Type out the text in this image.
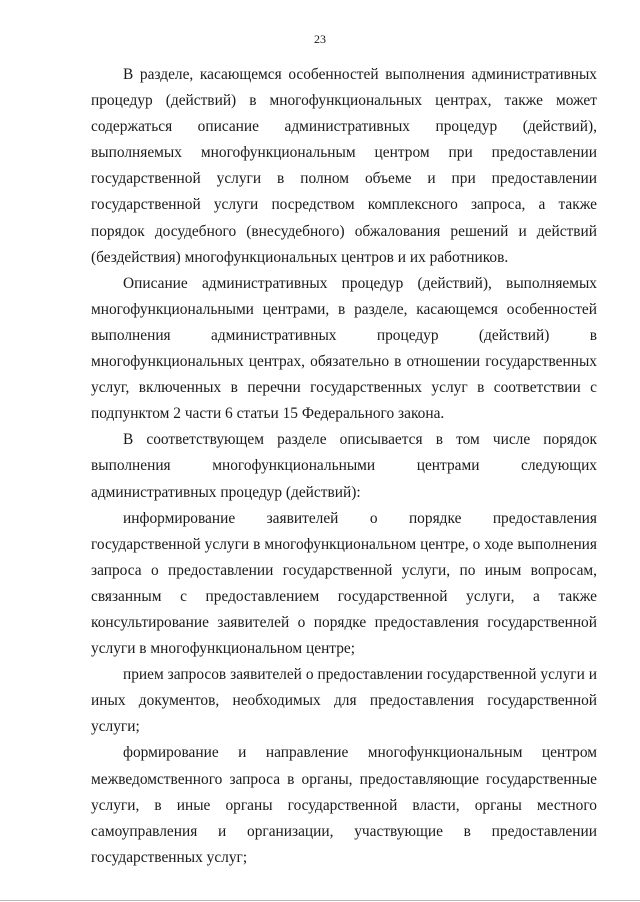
23

В разделе, касающемся особенностей выполнения административных процедур (действий) в многофункциональных центрах, также может содержаться описание административных процедур (действий), выполняемых многофункциональным центром при предоставлении государственной услуги в полном объеме и при предоставлении государственной услуги посредством комплексного запроса, а также порядок досудебного (внесудебного) обжалования решений и действий (бездействия) многофункциональных центров и их работников.

Описание административных процедур (действий), выполняемых многофункциональными центрами, в разделе, касающемся особенностей выполнения административных процедур (действий) в многофункциональных центрах, обязательно в отношении государственных услуг, включенных в перечни государственных услуг в соответствии с подпунктом 2 части 6 статьи 15 Федерального закона.

В соответствующем разделе описывается в том числе порядок выполнения многофункциональными центрами следующих административных процедур (действий):

информирование заявителей о порядке предоставления государственной услуги в многофункциональном центре, о ходе выполнения запроса о предоставлении государственной услуги, по иным вопросам, связанным с предоставлением государственной услуги, а также консультирование заявителей о порядке предоставления государственной услуги в многофункциональном центре;

прием запросов заявителей о предоставлении государственной услуги и иных документов, необходимых для предоставления государственной услуги;

формирование и направление многофункциональным центром межведомственного запроса в органы, предоставляющие государственные услуги, в иные органы государственной власти, органы местного самоуправления и организации, участвующие в предоставлении государственных услуг;
